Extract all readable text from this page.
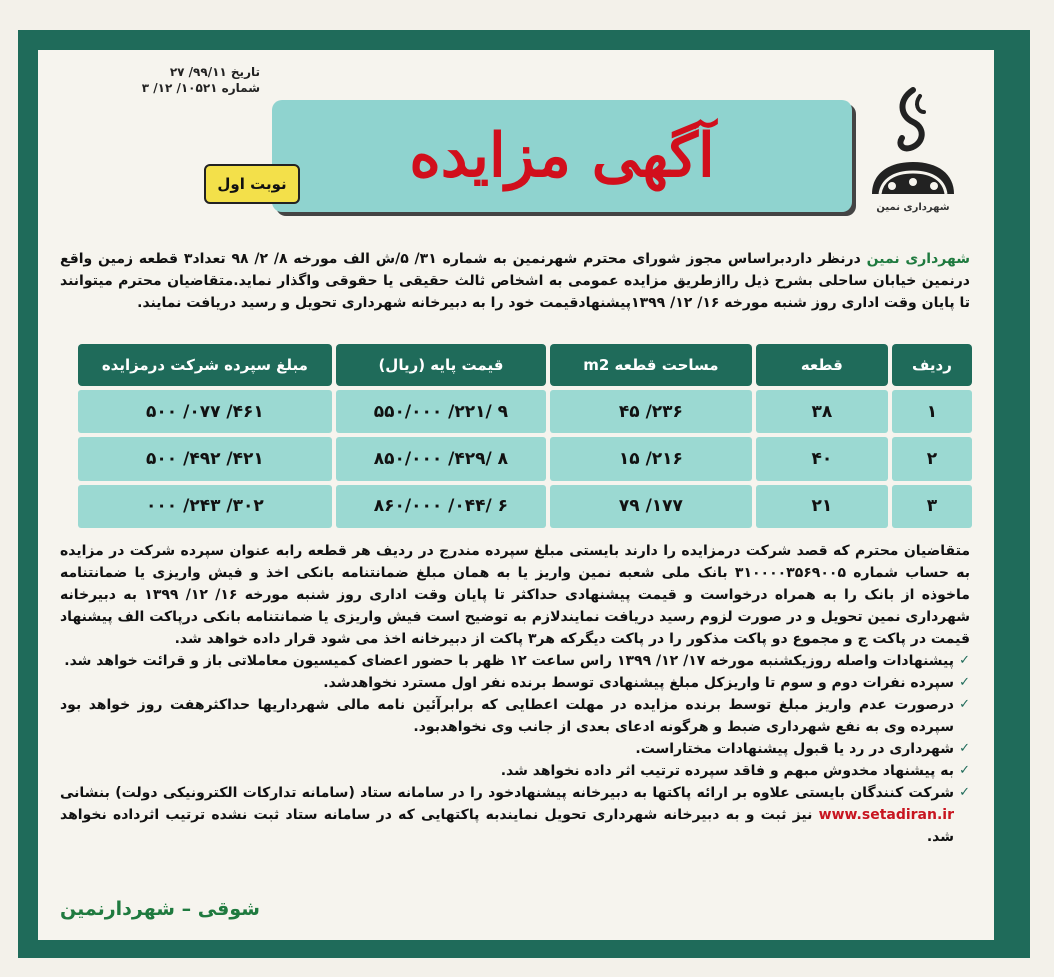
تاریخ ۹۹/۱۱/ ۲۷
شماره ۱۰۵۲۱/ ۱۲/ ۳
آگهی مزایده
نوبت اول
شهرداری نمین
شهرداری نمین درنظر داردبراساس مجوز شورای محترم شهرنمین به شماره ۳۱/ ۵/ش الف مورخه ۸/ ۲/ ۹۸ تعداد۳ قطعه زمین واقع درنمین خیابان ساحلی بشرح ذیل راازطریق مزایده عمومی به اشخاص ثالث حقیقی یا حقوقی واگذار نماید.متقاضیان محترم میتوانند تا پایان وقت اداری روز شنبه مورخه ۱۶/ ۱۲/ ۱۳۹۹پیشنهادقیمت خود را به دبیرخانه شهرداری تحویل و رسید دریافت نمایند.
ردیف	قطعه	مساحت قطعه m2	قیمت پایه (ریال)	مبلغ سپرده شرکت درمزایده
۱	۳۸	۲۳۶/ ۴۵	۹ /۲۲۱/ ۵۵۰/۰۰۰	۴۶۱/ ۰۷۷/ ۵۰۰
۲	۴۰	۲۱۶/ ۱۵	۸ /۴۲۹/ ۸۵۰/۰۰۰	۴۲۱/ ۴۹۲/ ۵۰۰
۳	۲۱	۱۷۷/ ۷۹	۶ /۰۴۴/ ۸۶۰/۰۰۰	۳۰۲/ ۲۴۳/ ۰۰۰

متقاضیان محترم که قصد شرکت درمزایده را دارند بایستی مبلغ سپرده مندرج در ردیف هر قطعه رابه عنوان سپرده شرکت در مزایده به حساب شماره ۳۱۰۰۰۰۳۵۶۹۰۰۵ بانک ملی شعبه نمین واریز یا به همان مبلغ ضمانتنامه بانکی اخذ و فیش واریزی یا ضمانتنامه ماخوذه از بانک را به همراه درخواست و قیمت پیشنهادی حداکثر تا پایان وقت اداری روز شنبه مورخه ۱۶/ ۱۲/ ۱۳۹۹ به دبیرخانه شهرداری نمین تحویل و در صورت لزوم رسید دریافت نمایندلازم به توضیح است فیش واریزی یا ضمانتنامه بانکی درپاکت الف پیشنهاد قیمت در پاکت ج و مجموع دو پاکت مذکور را در پاکت دیگرکه هر۳ پاکت از دبیرخانه اخذ می شود قرار داده خواهد شد.

✓ پیشنهادات واصله روزیکشنبه مورخه ۱۷/ ۱۲/ ۱۳۹۹ راس ساعت ۱۲ ظهر با حضور اعضای کمیسیون معاملاتی باز و قرائت خواهد شد.
✓ سپرده نفرات دوم و سوم تا واریزکل مبلغ پیشنهادی توسط برنده نفر اول مسترد نخواهدشد.
✓ درصورت عدم واریز مبلغ توسط برنده مزایده در مهلت اعطایی که برابرآئین نامه مالی شهرداریها حداکثرهفت روز خواهد بود سپرده وی به نفع شهرداری ضبط و هرگونه ادعای بعدی از جانب وی نخواهدبود.
✓ شهرداری در رد یا قبول پیشنهادات مختاراست.
✓ به پیشنهاد مخدوش مبهم و فاقد سپرده ترتیب اثر داده نخواهد شد.
✓ شرکت کنندگان بایستی علاوه بر ارائه پاکتها به دبیرخانه پیشنهادخود را در سامانه ستاد (سامانه تدارکات الکترونیکی دولت) بنشانی www.setadiran.ir نیز ثبت و به دبیرخانه شهرداری تحویل نمایندبه پاکتهایی که در سامانه ستاد ثبت نشده ترتیب اثرداده نخواهد شد.
شوقی – شهردارنمین
